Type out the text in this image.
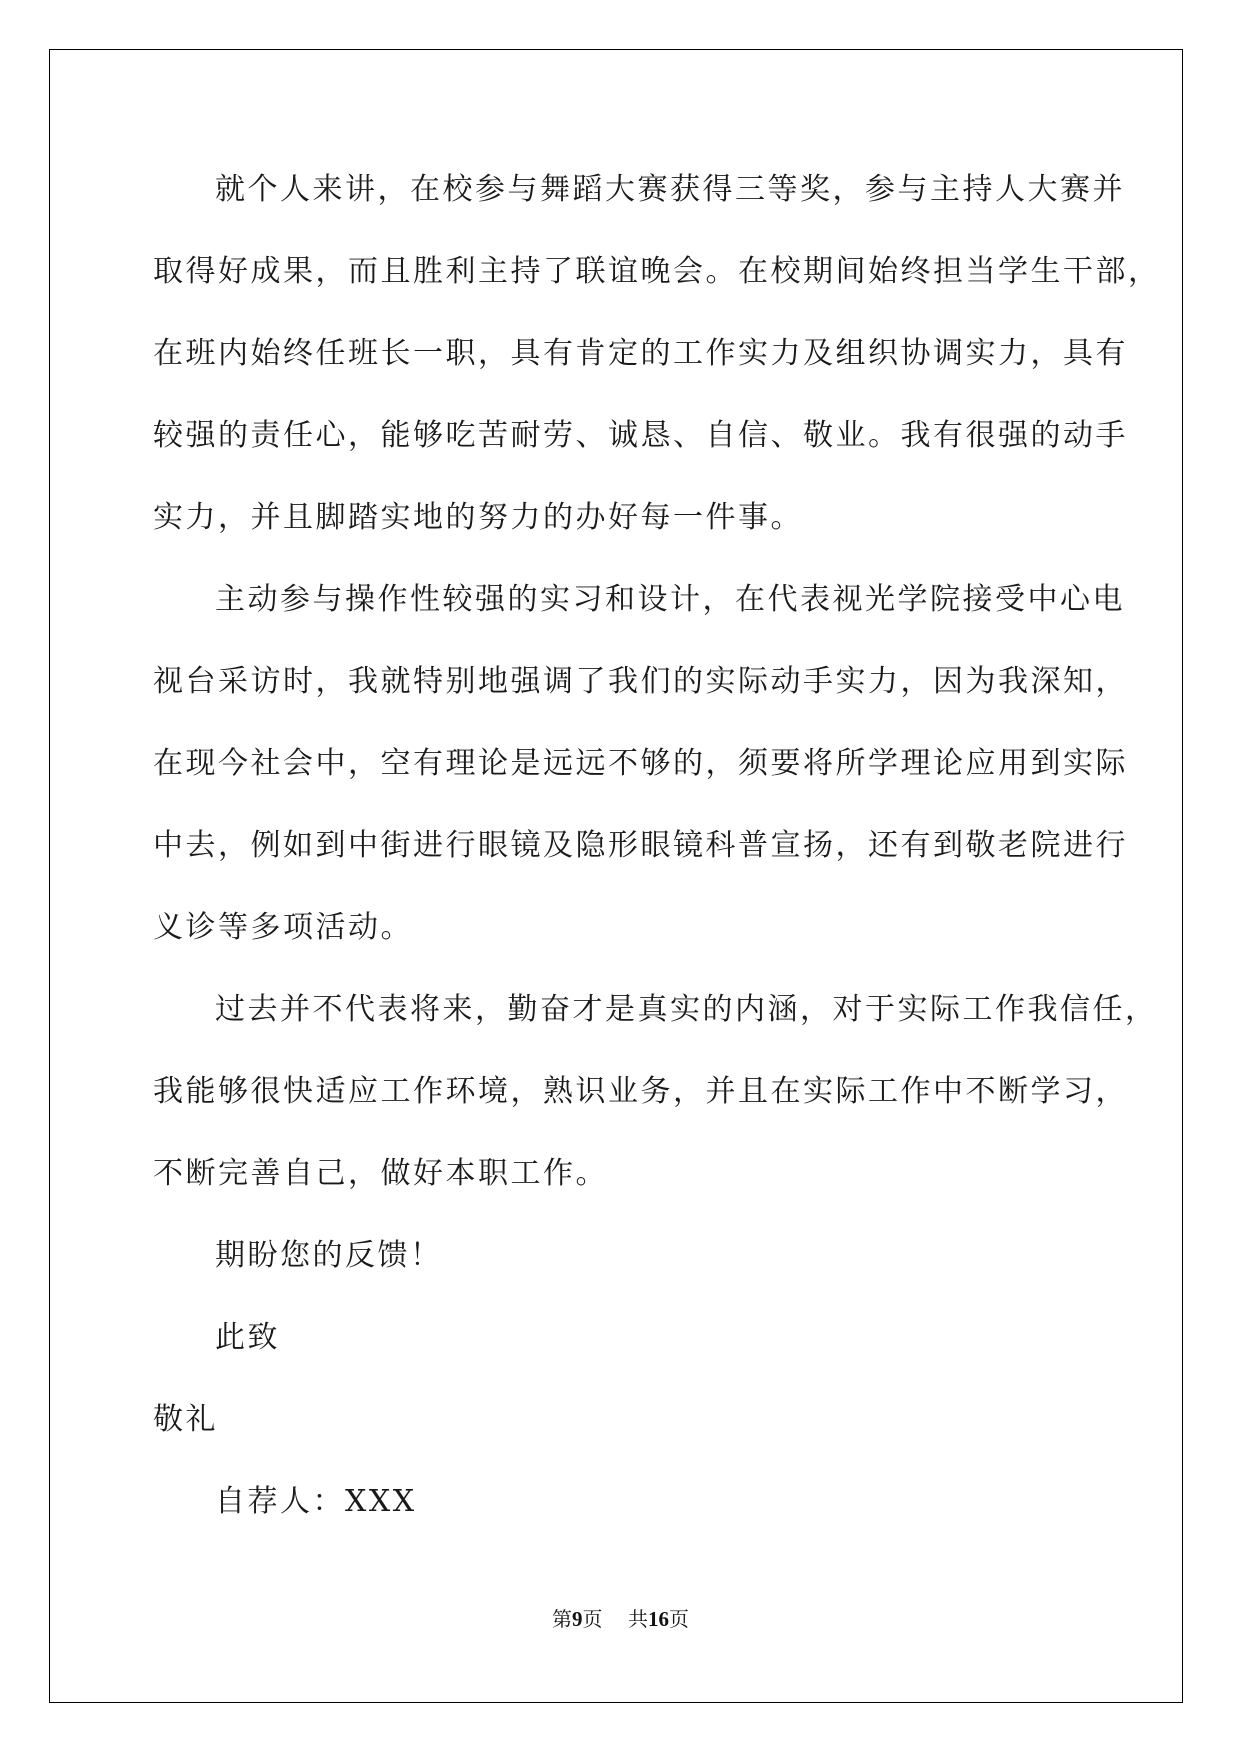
就个人来讲，在校参与舞蹈大赛获得三等奖，参与主持人大赛并
取得好成果，而且胜利主持了联谊晚会。在校期间始终担当学生干部，
在班内始终任班长一职，具有肯定的工作实力及组织协调实力，具有
较强的责任心，能够吃苦耐劳、诚恳、自信、敬业。我有很强的动手
实力，并且脚踏实地的努力的办好每一件事。
主动参与操作性较强的实习和设计，在代表视光学院接受中心电
视台采访时，我就特别地强调了我们的实际动手实力，因为我深知，
在现今社会中，空有理论是远远不够的，须要将所学理论应用到实际
中去，例如到中街进行眼镜及隐形眼镜科普宣扬，还有到敬老院进行
义诊等多项活动。
过去并不代表将来，勤奋才是真实的内涵，对于实际工作我信任，
我能够很快适应工作环境，熟识业务，并且在实际工作中不断学习，
不断完善自己，做好本职工作。
期盼您的反馈！
此致
敬礼
自荐人：XXX
第9页 共16页
